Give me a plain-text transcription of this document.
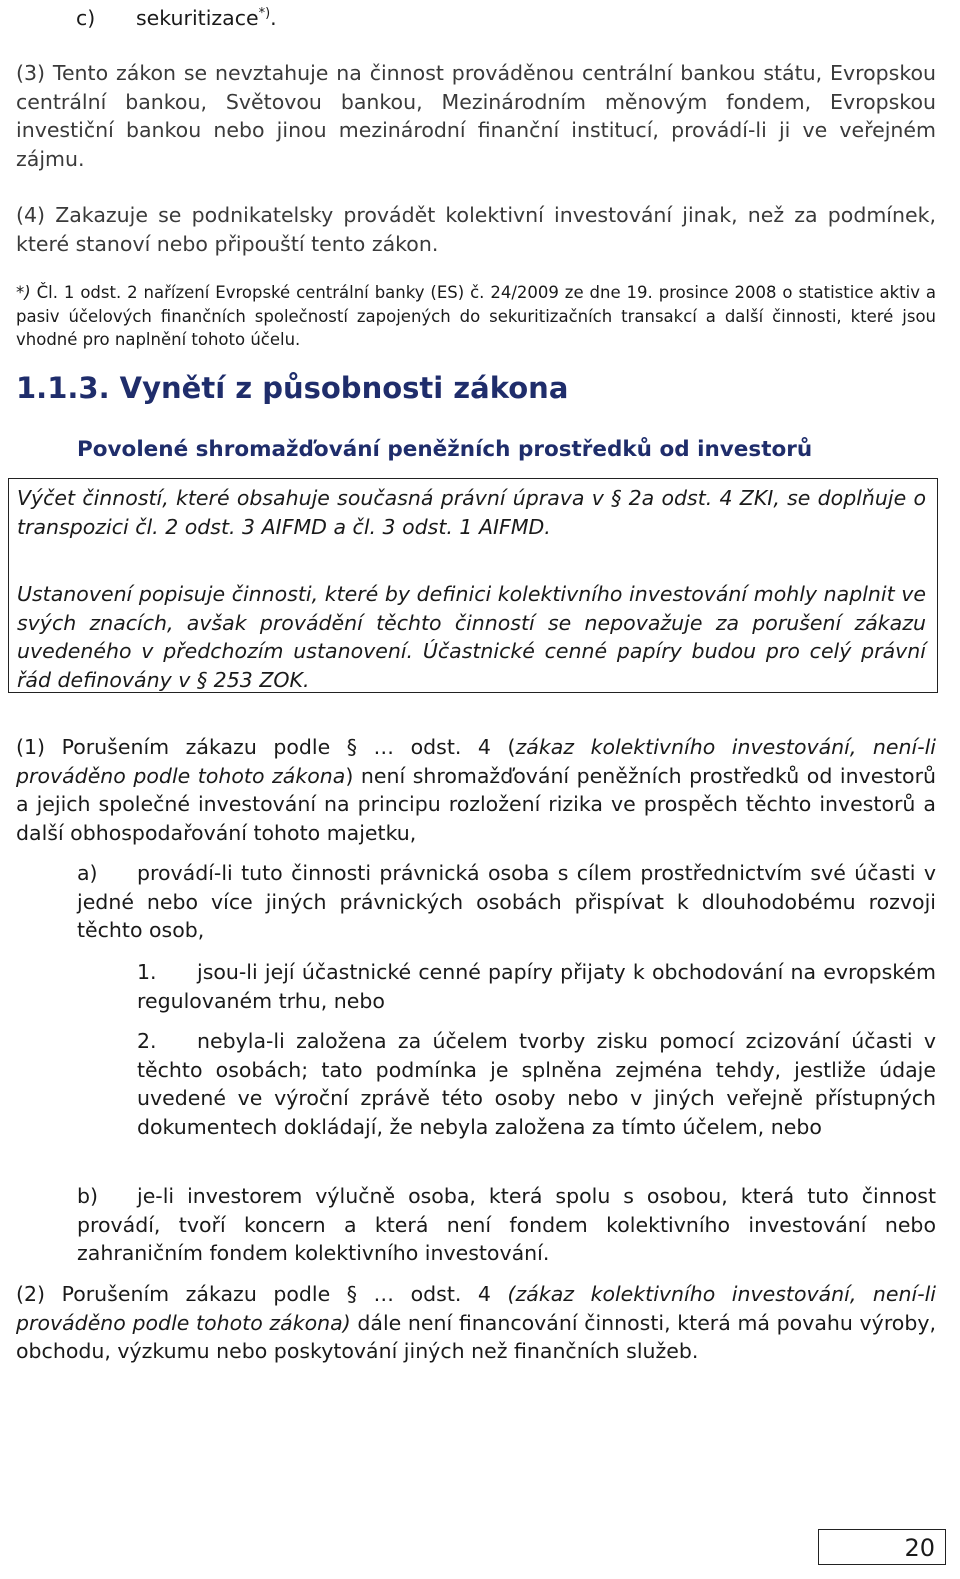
c) sekuritizace*).

(3) Tento zákon se nevztahuje na činnost prováděnou centrální bankou státu, Evropskou centrální bankou, Světovou bankou, Mezinárodním měnovým fondem, Evropskou investiční bankou nebo jinou mezinárodní finanční institucí, provádí-li ji ve veřejném zájmu.

(4) Zakazuje se podnikatelsky provádět kolektivní investování jinak, než za podmínek, které stanoví nebo připouští tento zákon.

*) Čl. 1 odst. 2 nařízení Evropské centrální banky (ES) č. 24/2009 ze dne 19. prosince 2008 o statistice aktiv a pasiv účelových finančních společností zapojených do sekuritizačních transakcí a další činnosti, které jsou vhodné pro naplnění tohoto účelu.
1.1.3. Vynětí z působnosti zákona
Povolené shromažďování peněžních prostředků od investorů

Výčet činností, které obsahuje současná právní úprava v § 2a odst. 4 ZKI, se doplňuje o transpozici čl. 2 odst. 3 AIFMD a čl. 3 odst. 1 AIFMD.

Ustanovení popisuje činnosti, které by definici kolektivního investování mohly naplnit ve svých znacích, avšak provádění těchto činností se nepovažuje za porušení zákazu uvedeného v předchozím ustanovení. Účastnické cenné papíry budou pro celý právní řád definovány v § 253 ZOK.

(1) Porušením zákazu podle § … odst. 4 (zákaz kolektivního investování, není-li prováděno podle tohoto zákona) není shromažďování peněžních prostředků od investorů a jejich společné investování na principu rozložení rizika ve prospěch těchto investorů a další obhospodařování tohoto majetku,

a) provádí-li tuto činnosti právnická osoba s cílem prostřednictvím své účasti v jedné nebo více jiných právnických osobách přispívat k dlouhodobému rozvoji těchto osob,

1. jsou-li její účastnické cenné papíry přijaty k obchodování na evropském regulovaném trhu, nebo

2. nebyla-li založena za účelem tvorby zisku pomocí zcizování účasti v těchto osobách; tato podmínka je splněna zejména tehdy, jestliže údaje uvedené ve výroční zprávě této osoby nebo v jiných veřejně přístupných dokumentech dokládají, že nebyla založena za tímto účelem, nebo

b) je-li investorem výlučně osoba, která spolu s osobou, která tuto činnost provádí, tvoří koncern a která není fondem kolektivního investování nebo zahraničním fondem kolektivního investování.

(2) Porušením zákazu podle § … odst. 4 (zákaz kolektivního investování, není-li prováděno podle tohoto zákona) dále není financování činnosti, která má povahu výroby, obchodu, výzkumu nebo poskytování jiných než finančních služeb.

20
